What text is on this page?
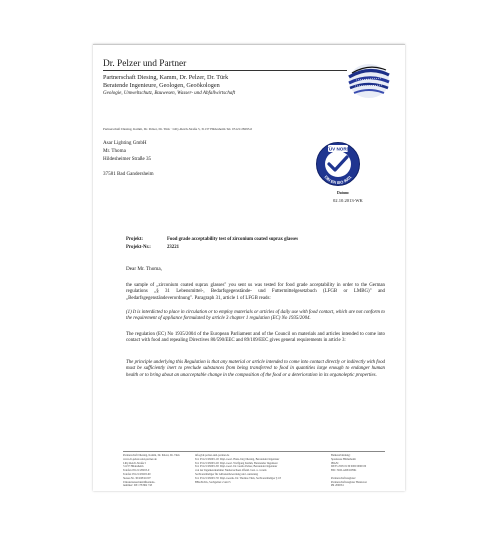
Dr. Pelzer und Partner
Partnerschaft Diesing, Kamm, Dr. Pelzer, Dr. Türk
Beratende Ingenieure, Geologen, Geoökologen
Geologie, Umweltschutz, Bauwesen, Wasser- und Abfallwirtschaft
Partnerschaft Diesing, Kamm, Dr. Pelzer, Dr. Türk · Lilly-Reich-Straße 5, 31137 Hildesheim Tel. 05121/28293-0
Asar Lighting GmbH
Mr. Thoma
Hildesheimer Straße 35
37581 Bad Gandersheim
TÜV NORD
DIN EN ISO 9001
Datum:
02.10.2013-WK
Projekt:	Food grade acceptability test of zirconium coated suprax glasses
Projekt-Nr.:	23221
Dear Mr. Thoma,
the sample of „zirconium coated suprax glasses" you sent us was tested for food grade acceptability in order to the German regulations „§ 31 Lebensmittel-, Bedarfsgegenstände- und Futtermittelgesetzbuch (LFGB or LMBG)" and „Bedarfsgegenständeverordnung". Paragraph 31, article 1 of LFGB reads:
(1) It is interdicted to place in circulation or to employ materials or articles of daily use with food contact, which are not conform to the requirement of appliance formulated by article 3 chapter 1 regulation (EC) No 1935/2004.
The regulation (EC) No 1935/2004 of the European Parliament and of the Council on materials and articles intended to come into contact with food and repealing Directives 80/590/EEC and 89/109/EEC gives general requirements in article 3:
The principle underlying this Regulation is that any material or article intended to come into contact directly or indirectly with food must be sufficiently inert to preclude substances from being transferred to food in quantities large enough to endanger human health or to bring about an unacceptable change in the composition of the food or a deterioration in its organoleptic properties.
Partnerschaft Diesing, Kamm, Dr. Pelzer, Dr. Türk
www.dr-pelzer-und-partner.de
Lilly-Reich-Straße 5
31137 Hildesheim
Telefon 05121/28293-0
Telefax 05121/28293-60
Steuer-Nr. 30/208/21007
Umsatzsteueridentifikations-
nummer: DE 178 862 743
info@dr-pelzer-und-partner.de
Tel. 05121/28293-10: Dipl.-Geol. Hans-Jörg Diesing, Beratender Ingenieur
Tel. 05121/28293-20: Dipl.-Geol. Wolfgang Kamm, Beratender Ingenieur
Tel. 05121/28293-30: Dipl.-Geol. Dr. Guido Pelzer, Beratender Ingenieur
von der Ingenieurkammer Niedersachsen öffentl. best. u. vereid.
Sachverständiger für Altlastenbewertung und -sanierung
Tel. 05121/28293-70: Dipl.-Geoök. Dr. Thomas Türk, Sachverständiger § 18
BBodSchG, Sachgebiet 2 und 5
Bankverbindung:
Sparkasse Hildesheim
IBAN:
DE35 2595 0130 0000 0000 00
BIC: NOLADE21HIK

Partnerschaftsregister:
Partnerschaftsregister Hannover
PR 200054
